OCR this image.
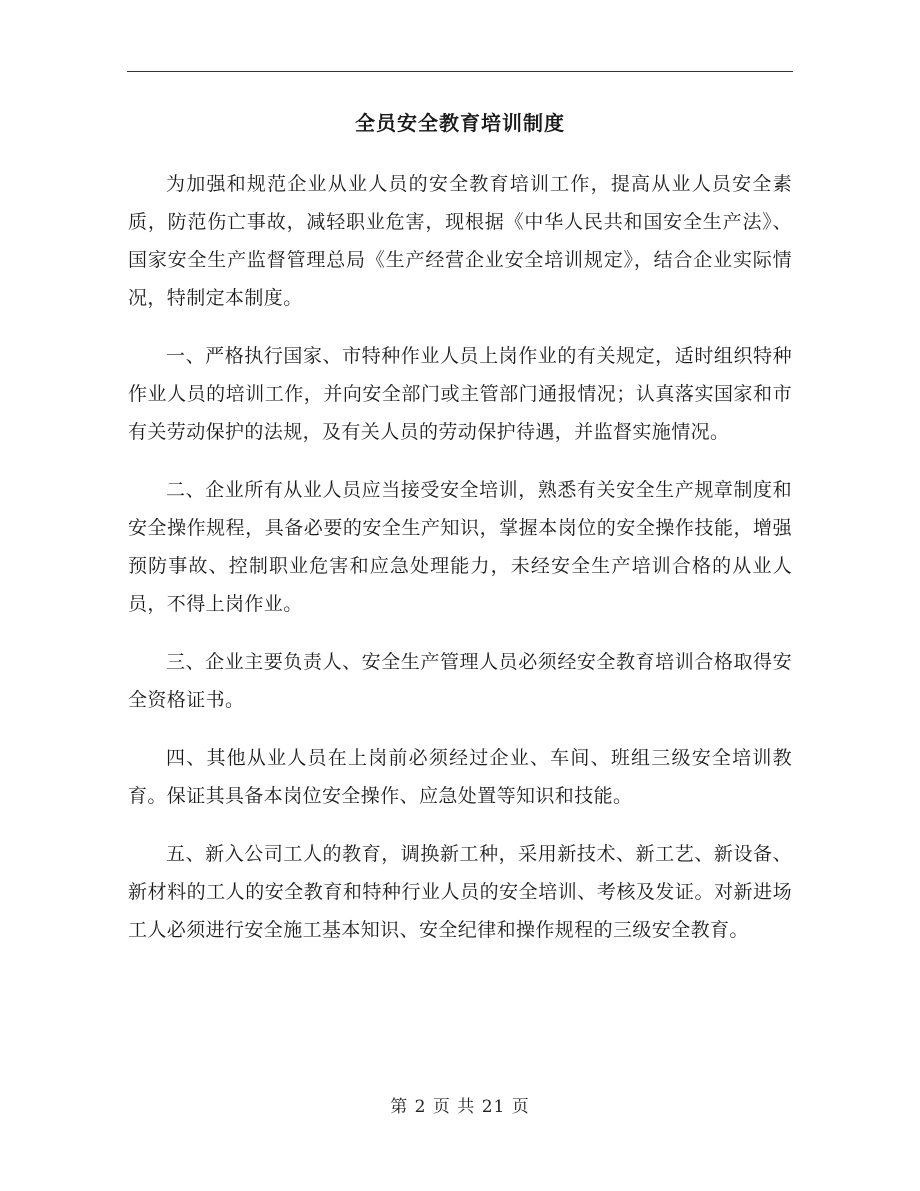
全员安全教育培训制度

为加强和规范企业从业人员的安全教育培训工作，提高从业人员安全素质，防范伤亡事故，减轻职业危害，现根据《中华人民共和国安全生产法》、国家安全生产监督管理总局《生产经营企业安全培训规定》，结合企业实际情况，特制定本制度。

一、严格执行国家、市特种作业人员上岗作业的有关规定，适时组织特种作业人员的培训工作，并向安全部门或主管部门通报情况；认真落实国家和市有关劳动保护的法规，及有关人员的劳动保护待遇，并监督实施情况。

二、企业所有从业人员应当接受安全培训，熟悉有关安全生产规章制度和安全操作规程，具备必要的安全生产知识，掌握本岗位的安全操作技能，增强预防事故、控制职业危害和应急处理能力，未经安全生产培训合格的从业人员，不得上岗作业。

三、企业主要负责人、安全生产管理人员必须经安全教育培训合格取得安全资格证书。

四、其他从业人员在上岗前必须经过企业、车间、班组三级安全培训教育。保证其具备本岗位安全操作、应急处置等知识和技能。

五、新入公司工人的教育，调换新工种，采用新技术、新工艺、新设备、新材料的工人的安全教育和特种行业人员的安全培训、考核及发证。对新进场工人必须进行安全施工基本知识、安全纪律和操作规程的三级安全教育。

第 2 页 共 21 页
